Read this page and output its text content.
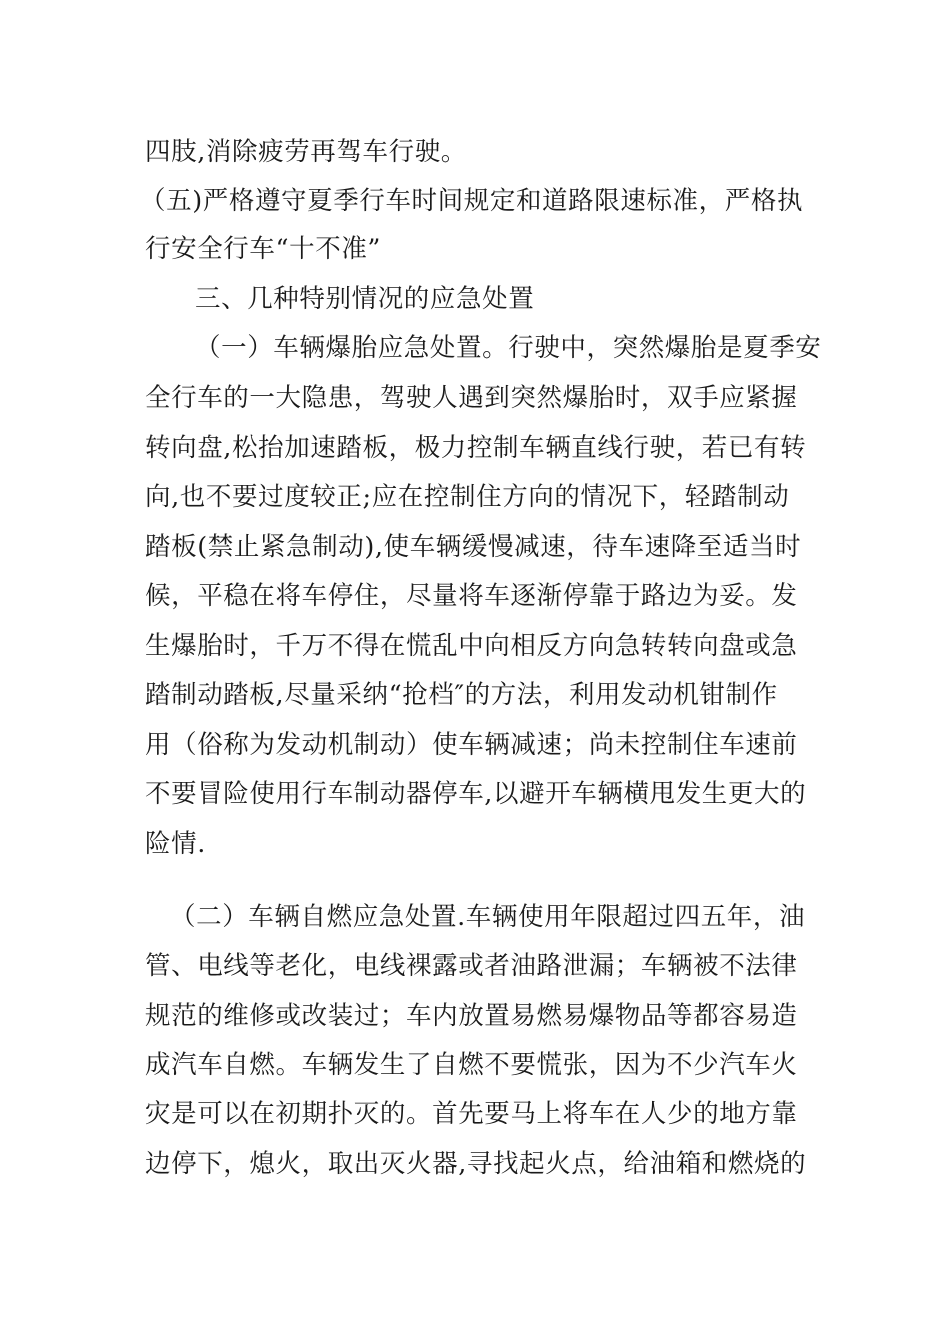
四肢,消除疲劳再驾车行驶。
（五)严格遵守夏季行车时间规定和道路限速标准，严格执
行安全行车“十不准”
三、几种特别情况的应急处置
（一）车辆爆胎应急处置。行驶中，突然爆胎是夏季安
全行车的一大隐患，驾驶人遇到突然爆胎时，双手应紧握
转向盘,松抬加速踏板，极力控制车辆直线行驶，若已有转
向,也不要过度较正;应在控制住方向的情况下，轻踏制动
踏板(禁止紧急制动),使车辆缓慢减速，待车速降至适当时
候，平稳在将车停住，尽量将车逐渐停靠于路边为妥。发
生爆胎时，千万不得在慌乱中向相反方向急转转向盘或急
踏制动踏板,尽量采纳“抢档″的方法，利用发动机钳制作
用（俗称为发动机制动）使车辆减速；尚未控制住车速前
不要冒险使用行车制动器停车,以避开车辆横甩发生更大的
险情.
（二）车辆自燃应急处置.车辆使用年限超过四五年，油
管、电线等老化，电线裸露或者油路泄漏；车辆被不法律
规范的维修或改装过；车内放置易燃易爆物品等都容易造
成汽车自燃。车辆发生了自燃不要慌张，因为不少汽车火
灾是可以在初期扑灭的。首先要马上将车在人少的地方靠
边停下，熄火，取出灭火器,寻找起火点，给油箱和燃烧的
